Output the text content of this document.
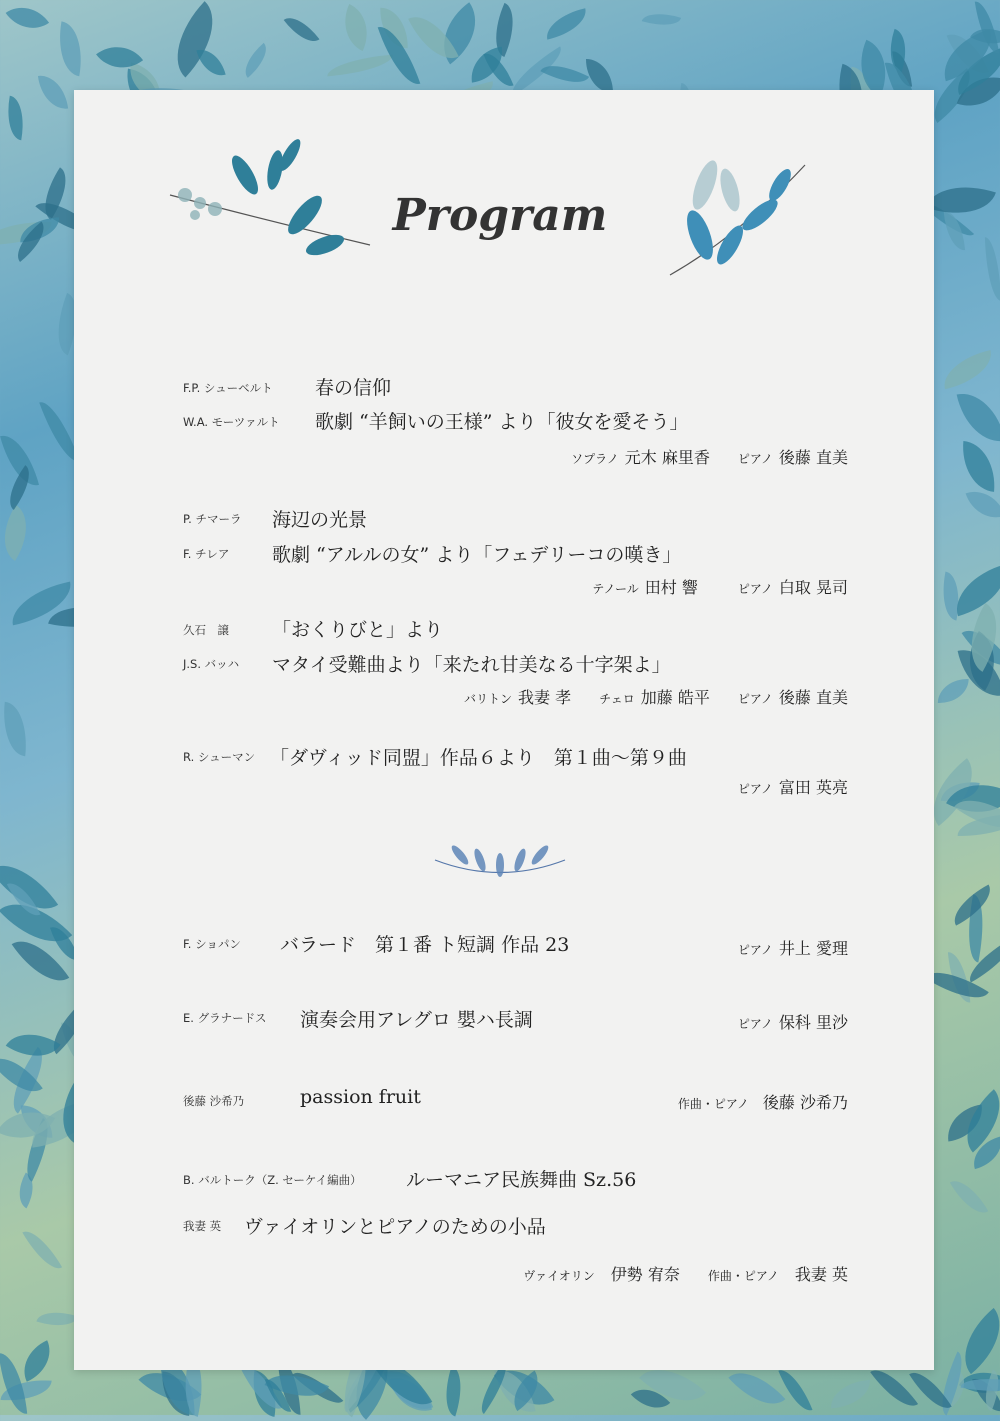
Program
F.P. シューベルト 春の信仰
W.A. モーツァルト 歌劇 “羊飼いの王様” より「彼女を愛そう」
ソプラノ 元木 麻里香 ピアノ 後藤 直美
P. チマーラ 海辺の光景
F. チレア 歌劇 “アルルの女” より「フェデリーコの嘆き」
テノール 田村 響	ピアノ 白取 晃司
久石　譲 「おくりびと」より
J.S. バッハ マタイ受難曲より「来たれ甘美なる十字架よ」
バリトン 我妻 孝 チェロ 加藤 皓平 ピアノ 後藤 直美
R. シューマン 「ダヴィッド同盟」作品６より　第１曲〜第９曲
ピアノ 富田 英亮
F. ショパン バラード　第１番 ト短調 作品 23	ピアノ 井上 愛理
E. グラナードス 演奏会用アレグロ 嬰ハ長調	ピアノ 保科 里沙
後藤 沙希乃	passion fruit	作曲・ピアノ 後藤 沙希乃
B. バルトーク（Z. セーケイ編曲） ルーマニア民族舞曲 Sz.56
我妻 英 ヴァイオリンとピアノのための小品
ヴァイオリン 伊勢 宥奈 作曲・ピアノ 我妻 英
